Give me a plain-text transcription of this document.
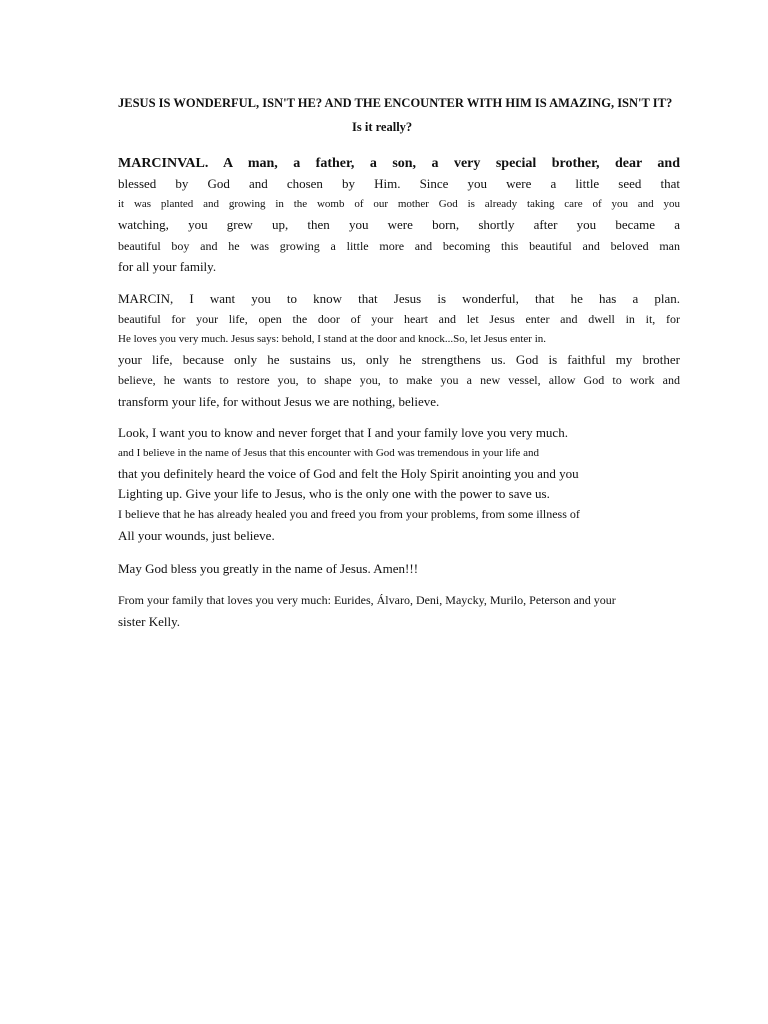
JESUS IS WONDERFUL, ISN'T HE? AND THE ENCOUNTER WITH HIM IS AMAZING, ISN'T IT?
Is it really?
MARCINVAL. A man, a father, a son, a very special brother, dear and
blessed by God and chosen by Him. Since you were a little seed that
it was planted and growing in the womb of our mother God is already taking care of you and you
watching, you grew up, then you were born, shortly after you became a
beautiful boy and he was growing a little more and becoming this beautiful and beloved man
for all your family.
MARCIN, I want you to know that Jesus is wonderful, that he has a plan.
beautiful for your life, open the door of your heart and let Jesus enter and dwell in it, for
He loves you very much. Jesus says: behold, I stand at the door and knock...So, let Jesus enter in.
your life, because only he sustains us, only he strengthens us. God is faithful my brother
believe, he wants to restore you, to shape you, to make you a new vessel, allow God to work and
transform your life, for without Jesus we are nothing, believe.
Look, I want you to know and never forget that I and your family love you very much.
and I believe in the name of Jesus that this encounter with God was tremendous in your life and
that you definitely heard the voice of God and felt the Holy Spirit anointing you and you
Lighting up. Give your life to Jesus, who is the only one with the power to save us.
I believe that he has already healed you and freed you from your problems, from some illness of
All your wounds, just believe.
May God bless you greatly in the name of Jesus. Amen!!!
From your family that loves you very much: Eurides, Álvaro, Deni, Maycky, Murilo, Peterson and your
sister Kelly.
